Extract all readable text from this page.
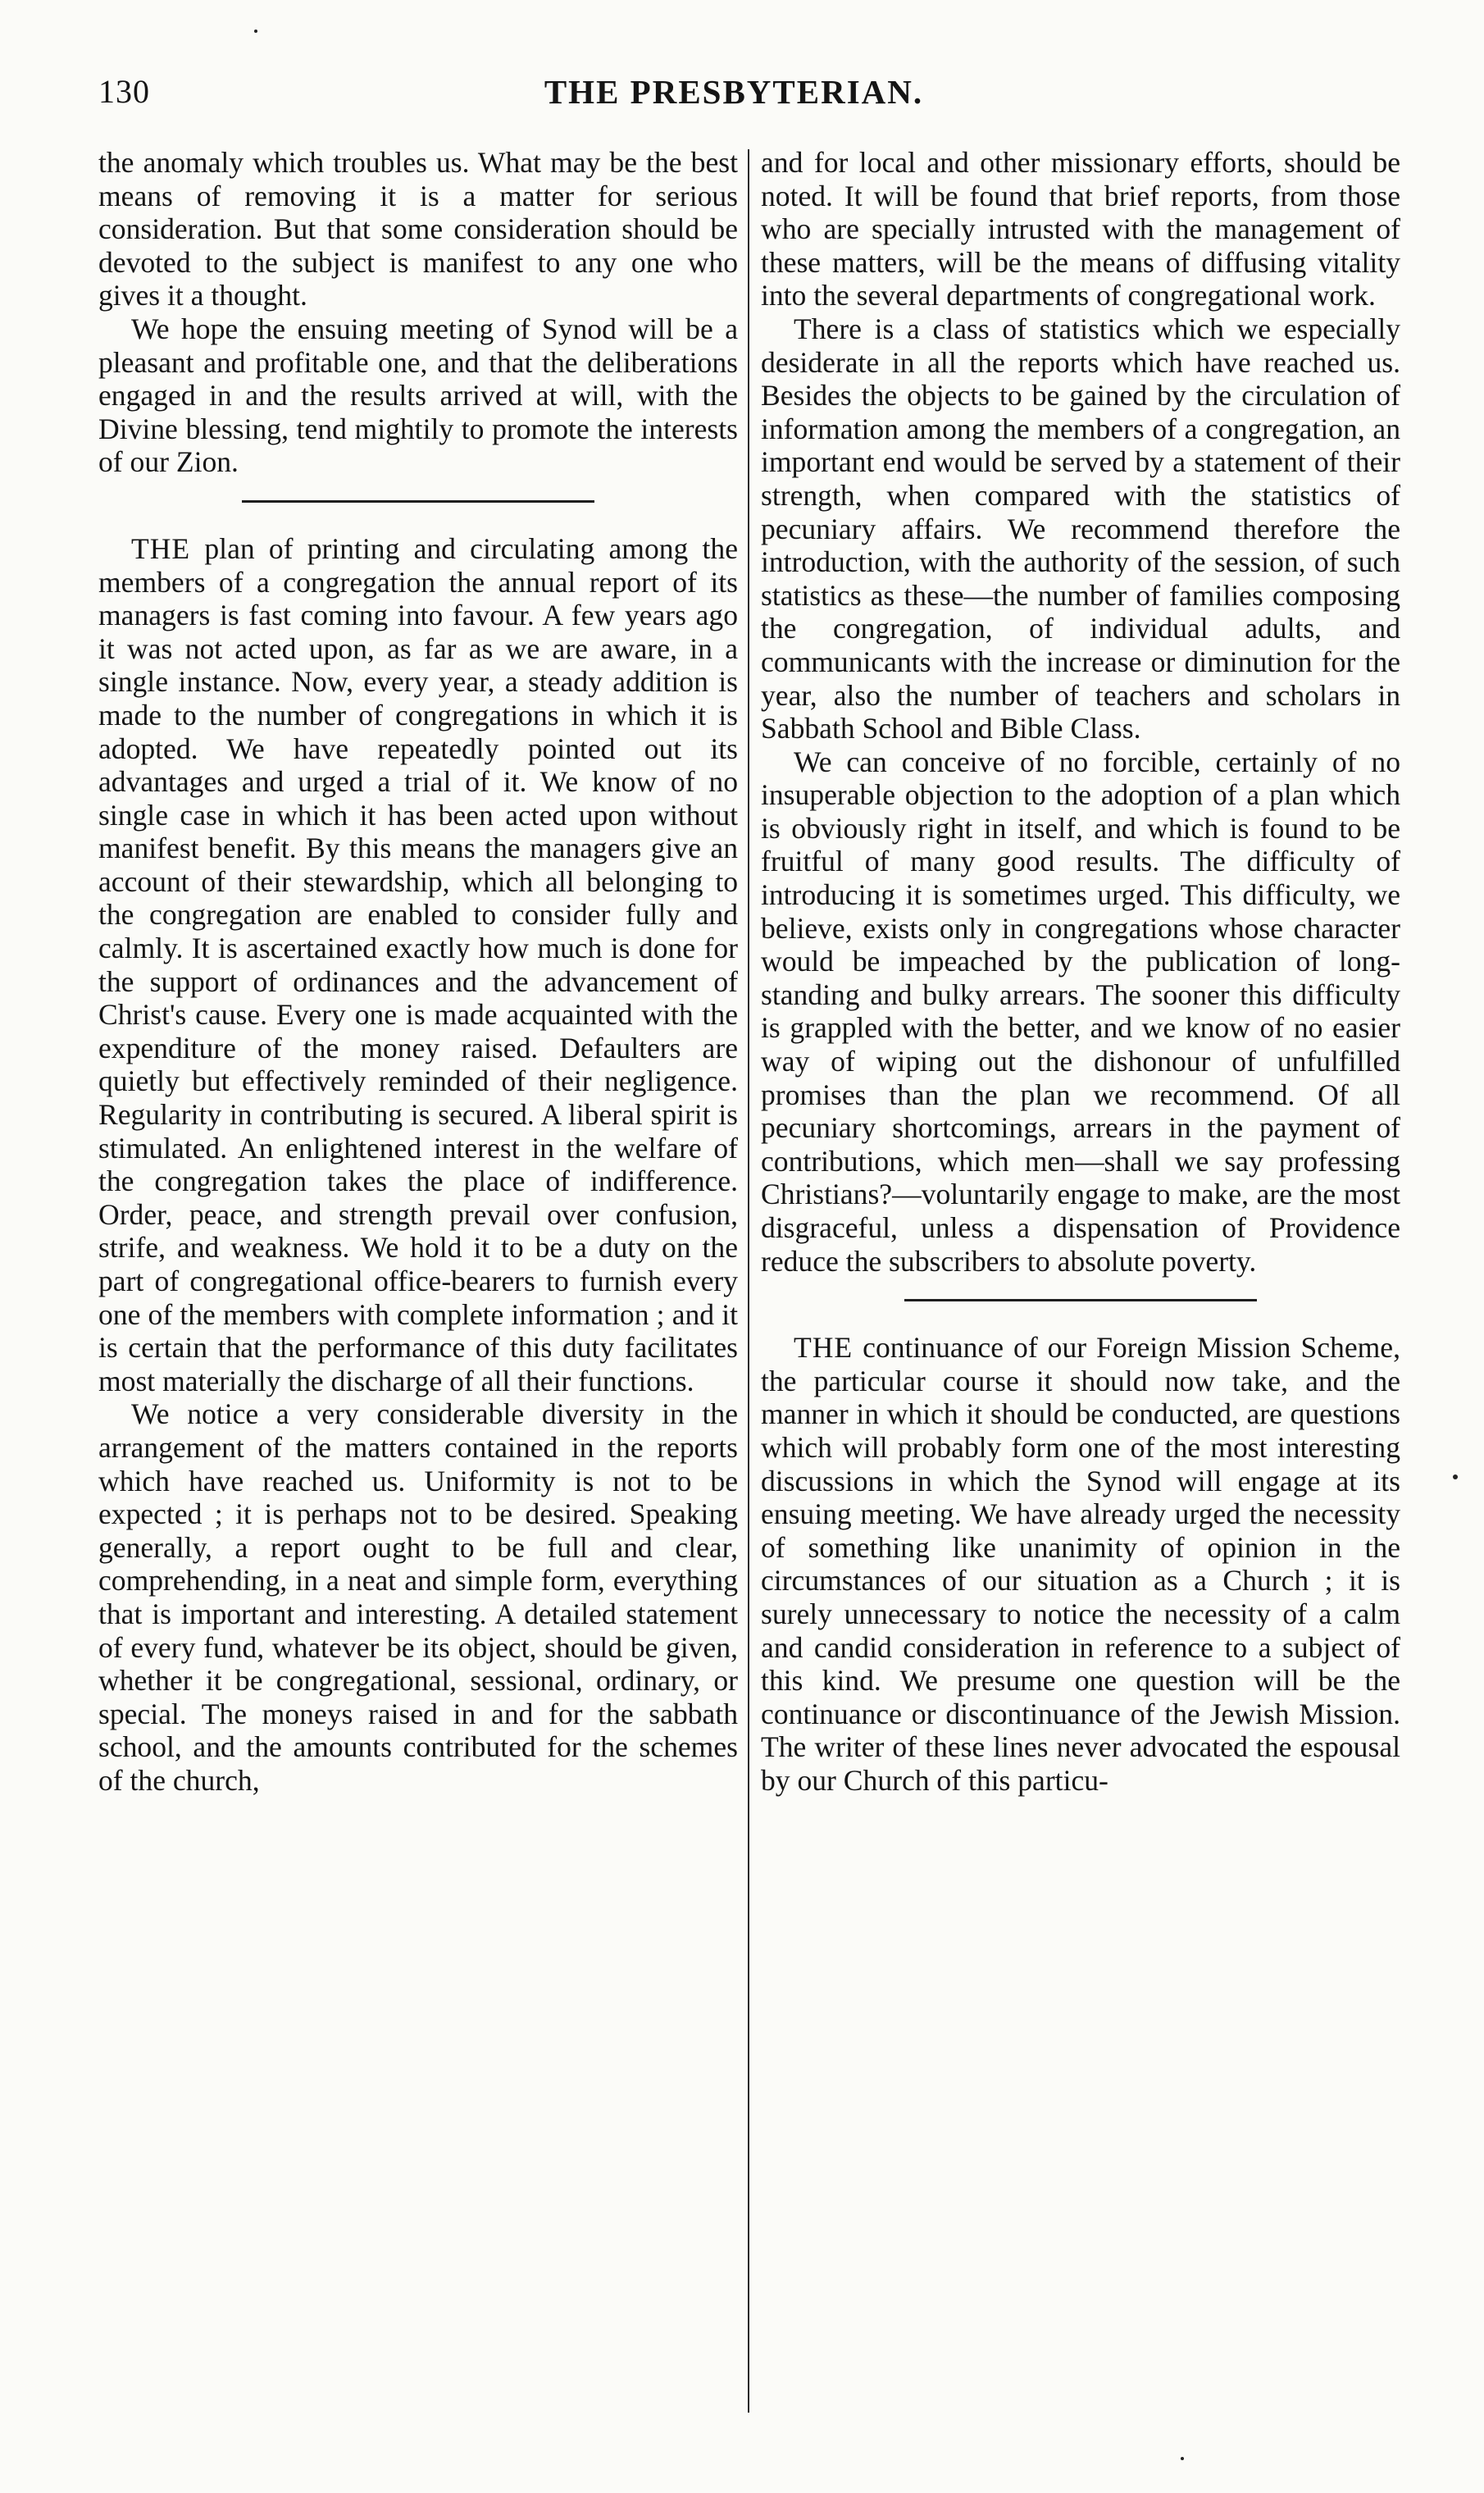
130	THE PRESBYTERIAN.

the anomaly which troubles us. What may be the best means of removing it is a matter for serious consideration. But that some consideration should be devoted to the subject is manifest to any one who gives it a thought.

We hope the ensuing meeting of Synod will be a pleasant and profitable one, and that the deliberations engaged in and the results arrived at will, with the Divine blessing, tend mightily to promote the interests of our Zion.

THE plan of printing and circulating among the members of a congregation the annual report of its managers is fast coming into favour. A few years ago it was not acted upon, as far as we are aware, in a single instance. Now, every year, a steady addition is made to the number of congregations in which it is adopted. We have repeatedly pointed out its advantages and urged a trial of it. We know of no single case in which it has been acted upon without manifest benefit. By this means the managers give an account of their stewardship, which all belonging to the congregation are enabled to consider fully and calmly. It is ascertained exactly how much is done for the support of ordinances and the advancement of Christ's cause. Every one is made acquainted with the expenditure of the money raised. Defaulters are quietly but effectively reminded of their negligence. Regularity in contributing is secured. A liberal spirit is stimulated. An enlightened interest in the welfare of the congregation takes the place of indifference. Order, peace, and strength prevail over confusion, strife, and weakness. We hold it to be a duty on the part of congregational office-bearers to furnish every one of the members with complete information ; and it is certain that the performance of this duty facilitates most materially the discharge of all their functions.

We notice a very considerable diversity in the arrangement of the matters contained in the reports which have reached us. Uniformity is not to be expected ; it is perhaps not to be desired. Speaking generally, a report ought to be full and clear, comprehending, in a neat and simple form, everything that is important and interesting. A detailed statement of every fund, whatever be its object, should be given, whether it be congregational, sessional, ordinary, or special. The moneys raised in and for the sabbath school, and the amounts contributed for the schemes of the church,

and for local and other missionary efforts, should be noted. It will be found that brief reports, from those who are specially intrusted with the management of these matters, will be the means of diffusing vitality into the several departments of congregational work.

There is a class of statistics which we especially desiderate in all the reports which have reached us. Besides the objects to be gained by the circulation of information among the members of a congregation, an important end would be served by a statement of their strength, when compared with the statistics of pecuniary affairs. We recommend therefore the introduction, with the authority of the session, of such statistics as these—the number of families composing the congregation, of individual adults, and communicants with the increase or diminution for the year, also the number of teachers and scholars in Sabbath School and Bible Class.

We can conceive of no forcible, certainly of no insuperable objection to the adoption of a plan which is obviously right in itself, and which is found to be fruitful of many good results. The difficulty of introducing it is sometimes urged. This difficulty, we believe, exists only in congregations whose character would be impeached by the publication of long-standing and bulky arrears. The sooner this difficulty is grappled with the better, and we know of no easier way of wiping out the dishonour of unfulfilled promises than the plan we recommend. Of all pecuniary shortcomings, arrears in the payment of contributions, which men—shall we say professing Christians?—voluntarily engage to make, are the most disgraceful, unless a dispensation of Providence reduce the subscribers to absolute poverty.

THE continuance of our Foreign Mission Scheme, the particular course it should now take, and the manner in which it should be conducted, are questions which will probably form one of the most interesting discussions in which the Synod will engage at its ensuing meeting. We have already urged the necessity of something like unanimity of opinion in the circumstances of our situation as a Church ; it is surely unnecessary to notice the necessity of a calm and candid consideration in reference to a subject of this kind. We presume one question will be the continuance or discontinuance of the Jewish Mission. The writer of these lines never advocated the espousal by our Church of this particu-
